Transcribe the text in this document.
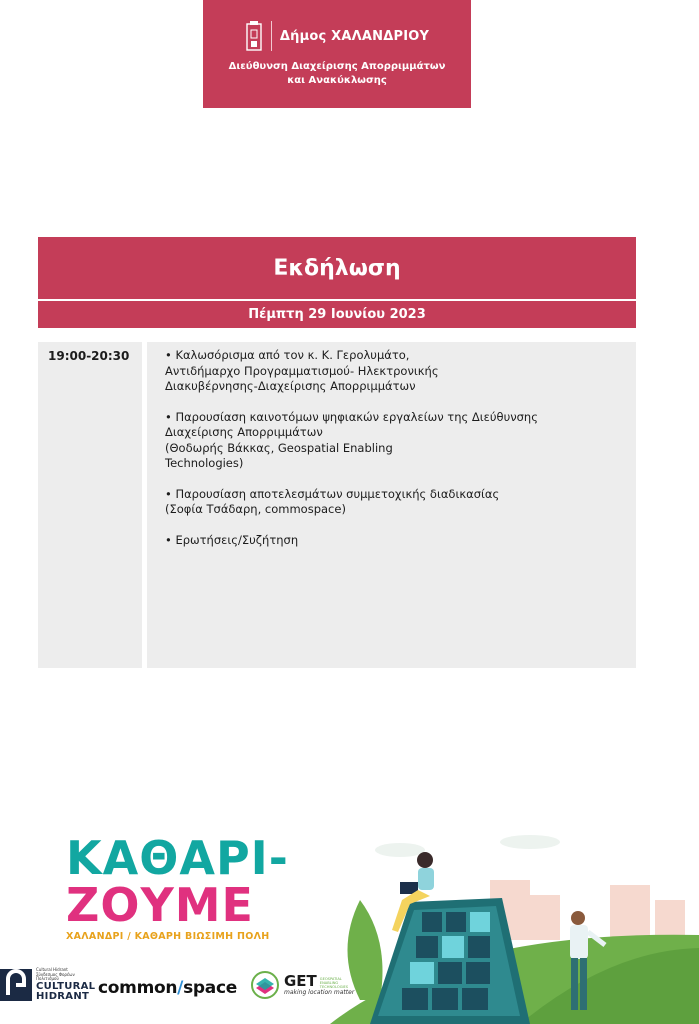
Δήμος ΧΑΛΑΝΔΡΙΟΥ
Διεύθυνση Διαχείρισης Απορριμμάτων
και Ανακύκλωσης
Εκδήλωση
Πέμπτη 29 Ιουνίου 2023
19:00-20:30	• Καλωσόρισμα από τον κ. Κ. Γερολυμάτο,
Αντιδήμαρχο Προγραμματισμού- Ηλεκτρονικής
Διακυβέρνησης-Διαχείρισης Απορριμμάτων
• Παρουσίαση καινοτόμων ψηφιακών εργαλείων της Διεύθυνσης
Διαχείρισης Απορριμμάτων
(Θοδωρής Βάκκας, Geospatial Enabling
Technologies)
• Παρουσίαση αποτελεσμάτων συμμετοχικής διαδικασίας
(Σοφία Τσάδαρη, commospace)
• Ερωτήσεις/Συζήτηση
ΚΑΘΑΡΙ-
ΖΟΥΜΕ
ΧΑΛΑΝΔΡΙ / ΚΑΘΑΡΗ ΒΙΩΣΙΜΗ ΠΟΛΗ
Cultural Hidrant
Σύνδεσμος Φορέων
Πολιτισμού
CULTURAL
HIDRANT common/space	GET GEOSPATIAL
ENABLING
TECHNOLOGIES
making location matter
